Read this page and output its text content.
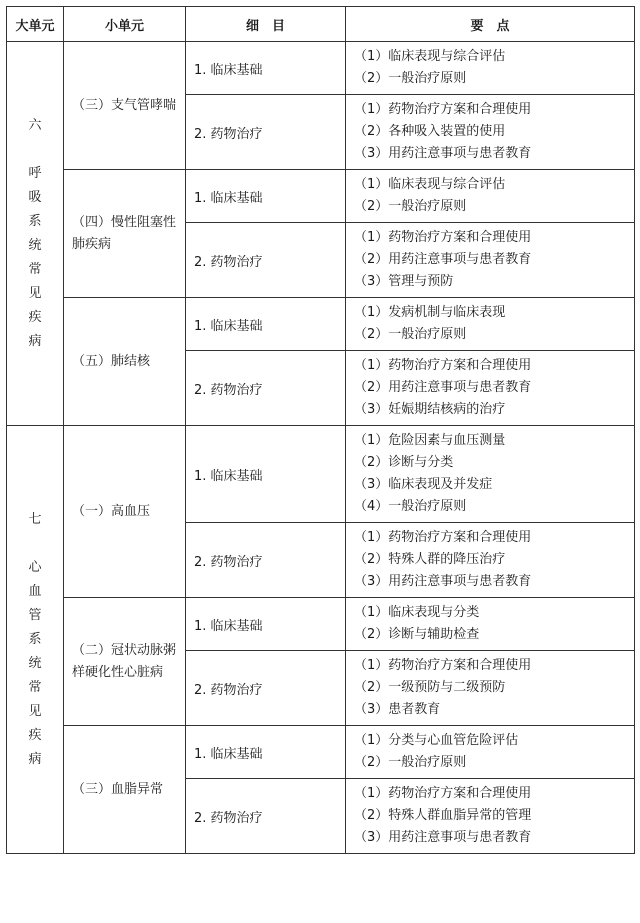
大单元	小单元	细　目	要　点

六
呼吸系统常见疾病	（三）支气管哮喘	1. 临床基础	（1）临床表现与综合评估
（2）一般治疗原则

		2. 药物治疗	（1）药物治疗方案和合理使用
（2）各种吸入装置的使用
（3）用药注意事项与患者教育

	（四）慢性阻塞性肺疾病	1. 临床基础	（1）临床表现与综合评估
（2）一般治疗原则

		2. 药物治疗	（1）药物治疗方案和合理使用
（2）用药注意事项与患者教育
（3）管理与预防

	（五）肺结核	1. 临床基础	（1）发病机制与临床表现
（2）一般治疗原则

		2. 药物治疗	（1）药物治疗方案和合理使用
（2）用药注意事项与患者教育
（3）妊娠期结核病的治疗

七
心血管系统常见疾病	（一）高血压	1. 临床基础	（1）危险因素与血压测量
（2）诊断与分类
（3）临床表现及并发症
（4）一般治疗原则

		2. 药物治疗	（1）药物治疗方案和合理使用
（2）特殊人群的降压治疗
（3）用药注意事项与患者教育

	（二）冠状动脉粥样硬化性心脏病	1. 临床基础	（1）临床表现与分类
（2）诊断与辅助检查

		2. 药物治疗	（1）药物治疗方案和合理使用
（2）一级预防与二级预防
（3）患者教育

	（三）血脂异常	1. 临床基础	（1）分类与心血管危险评估
（2）一般治疗原则

		2. 药物治疗	（1）药物治疗方案和合理使用
（2）特殊人群血脂异常的管理
（3）用药注意事项与患者教育
